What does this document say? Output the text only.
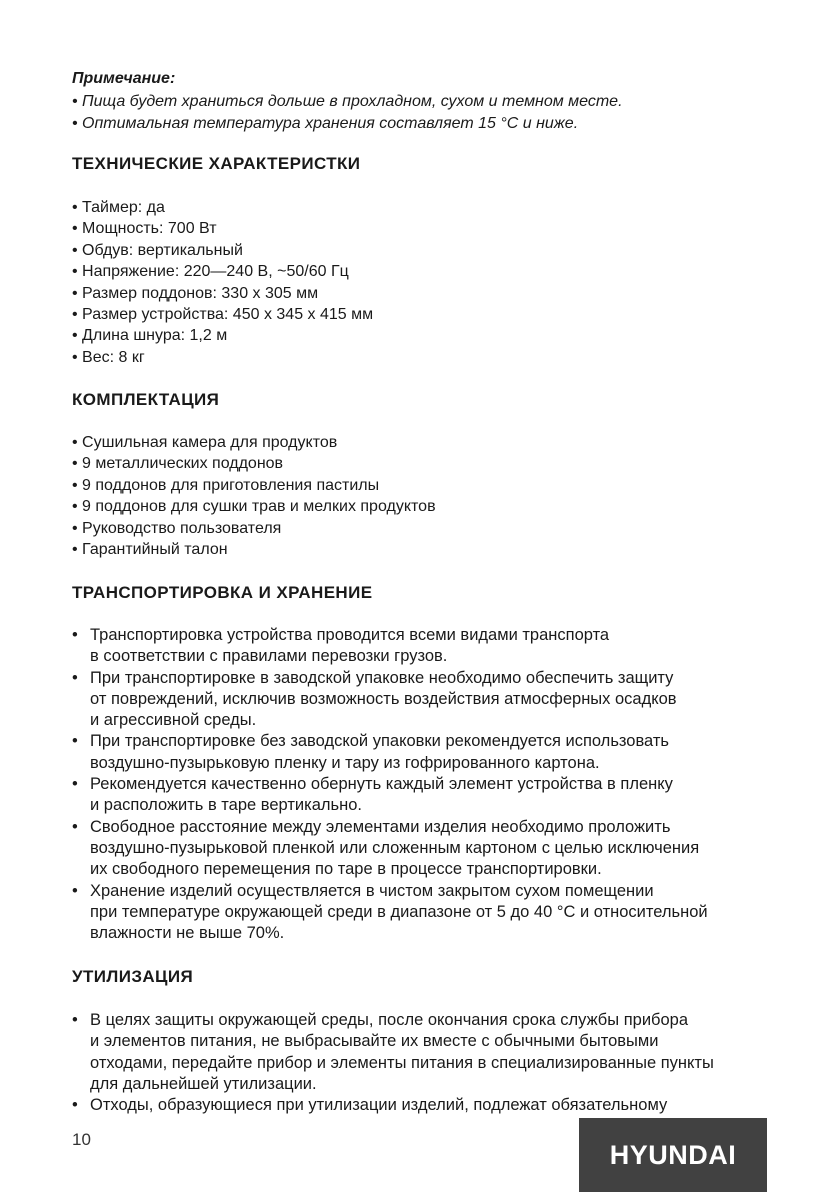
Примечание:
• Пища будет храниться дольше в прохладном, сухом и темном месте.
• Оптимальная температура хранения составляет 15 °С и ниже.
ТЕХНИЧЕСКИЕ ХАРАКТЕРИСТКИ
• Таймер: да
• Мощность: 700 Вт
• Обдув: вертикальный
• Напряжение: 220—240 В, ~50/60 Гц
• Размер поддонов: 330 х 305 мм
• Размер устройства: 450 х 345 х 415 мм
• Длина шнура: 1,2 м
• Вес: 8 кг
КОМПЛЕКТАЦИЯ
• Сушильная камера для продуктов
• 9 металлических поддонов
• 9 поддонов для приготовления пастилы
• 9 поддонов для сушки трав и мелких продуктов
• Руководство пользователя
• Гарантийный талон
ТРАНСПОРТИРОВКА И ХРАНЕНИЕ
• Транспортировка устройства проводится всеми видами транспорта
в соответствии с правилами перевозки грузов.
• При транспортировке в заводской упаковке необходимо обеспечить защиту
от повреждений, исключив возможность воздействия атмосферных осадков
и агрессивной среды.
• При транспортировке без заводской упаковки рекомендуется использовать
воздушно-пузырьковую пленку и тару из гофрированного картона.
• Рекомендуется качественно обернуть каждый элемент устройства в пленку
и расположить в таре вертикально.
• Свободное расстояние между элементами изделия необходимо проложить
воздушно-пузырьковой пленкой или сложенным картоном с целью исключения
их свободного перемещения по таре в процессе транспортировки.
• Хранение изделий осуществляется в чистом закрытом сухом помещении
при температуре окружающей среди в диапазоне от 5 до 40 °С и относительной
влажности не выше 70%.
УТИЛИЗАЦИЯ
• В целях защиты окружающей среды, после окончания срока службы прибора
и элементов питания, не выбрасывайте их вместе с обычными бытовыми
отходами, передайте прибор и элементы питания в специализированные пункты
для дальнейшей утилизации.
• Отходы, образующиеся при утилизации изделий, подлежат обязательному
10	HYUNDAI
